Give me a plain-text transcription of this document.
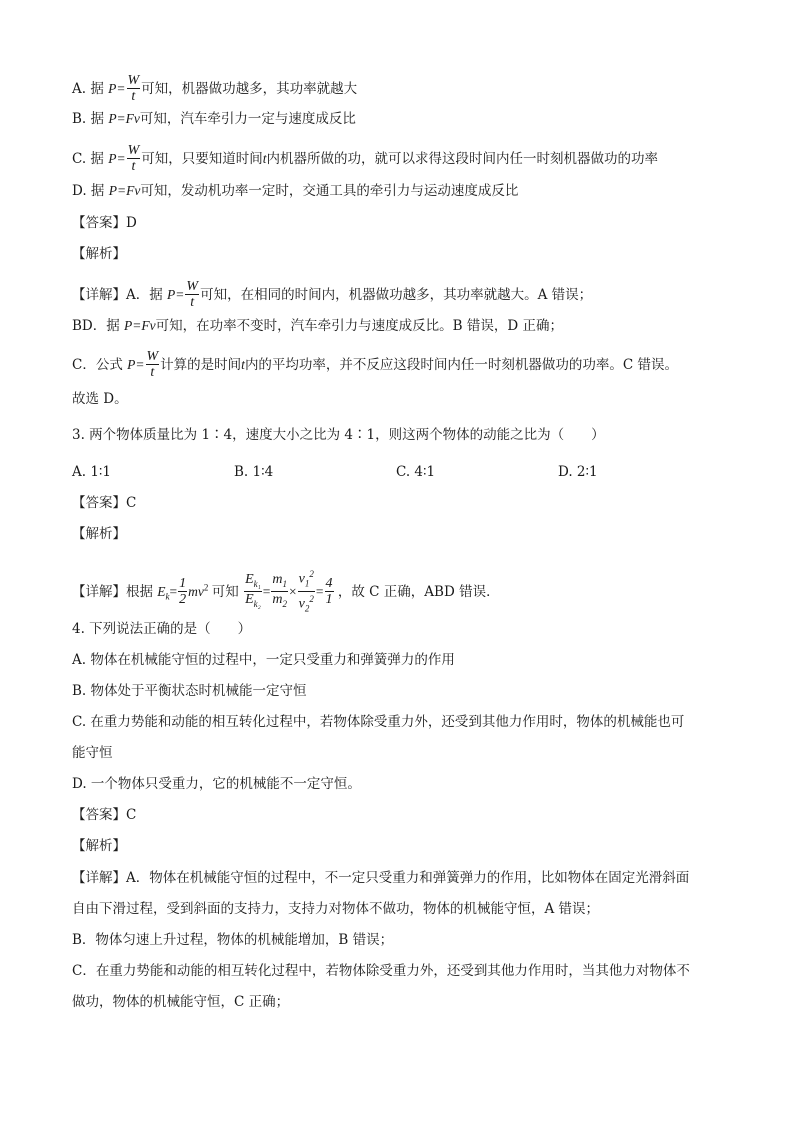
A. 据 $P= \frac{W}{t}$ 可知，机器做功越多，其功率就越大
B. 据 P=Fv可知，汽车牵引力一定与速度成反比
C. 据 $P= \frac{W}{t}$ 可知，只要知道时间t内机器所做的功，就可以求得这段时间内任一时刻机器做功的功率
D. 据 P=Fv可知，发动机功率一定时，交通工具的牵引力与运动速度成反比
【答案】D
【解析】
【详解】A．据 $P= \frac{W}{t}$ 可知，在相同的时间内，机器做功越多，其功率就越大。A 错误；
BD．据 P=Fv可知，在功率不变时，汽车牵引力与速度成反比。B 错误，D 正确；
C．公式 $P= \frac{W}{t}$ 计算的是时间t内的平均功率，并不反应这段时间内任一时刻机器做功的功率。C 错误。
故选 D。
3. 两个物体质量比为 1∶4，速度大小之比为 4∶1，则这两个物体的动能之比为（　　）
A. 1∶1	B. 1∶4	C. 4∶1	D. 2∶1
【答案】C
【解析】
【详解】根据 $E_k= \frac{1}{2} mv^2$ 可知 $\frac{E_{k_1}}{E_{k_2}} = \frac{m_1}{m_2} \times \frac{v_1^2}{v_2^2} = \frac{4}{1}$ ，故 C 正确，ABD 错误．
4. 下列说法正确的是（　　）
A. 物体在机械能守恒的过程中，一定只受重力和弹簧弹力的作用
B. 物体处于平衡状态时机械能一定守恒
C. 在重力势能和动能的相互转化过程中，若物体除受重力外，还受到其他力作用时，物体的机械能也可
能守恒
D. 一个物体只受重力，它的机械能不一定守恒。
【答案】C
【解析】
【详解】A．物体在机械能守恒的过程中，不一定只受重力和弹簧弹力的作用，比如物体在固定光滑斜面
自由下滑过程，受到斜面的支持力，支持力对物体不做功，物体的机械能守恒，A 错误；
B．物体匀速上升过程，物体的机械能增加，B 错误；
C．在重力势能和动能的相互转化过程中，若物体除受重力外，还受到其他力作用时，当其他力对物体不
做功，物体的机械能守恒，C 正确；
